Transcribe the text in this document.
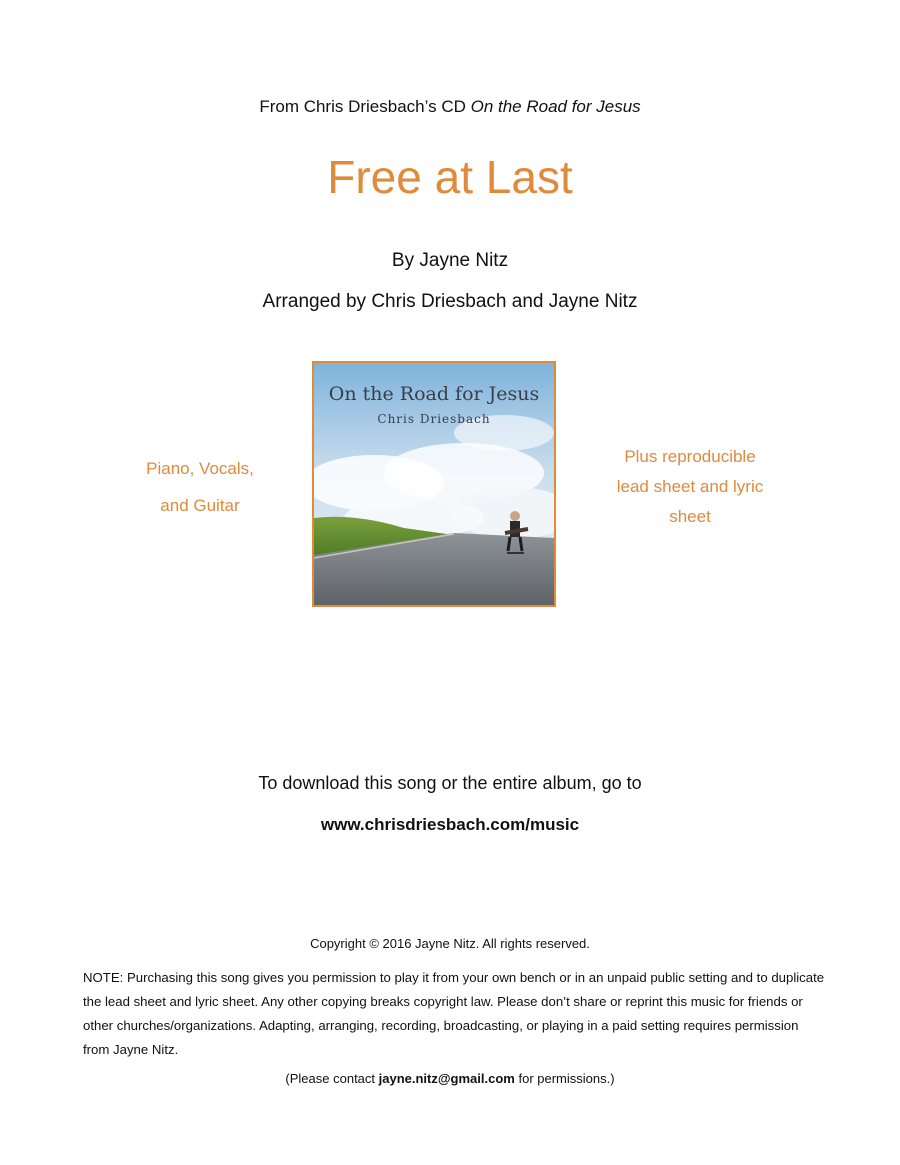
From Chris Driesbach’s CD On the Road for Jesus
Free at Last
By Jayne Nitz
Arranged by Chris Driesbach and Jayne Nitz
Piano, Vocals,
and Guitar
On the Road for Jesus
Chris Driesbach
Plus reproducible
lead sheet and lyric
sheet
To download this song or the entire album, go to
www.chrisdriesbach.com/music
Copyright © 2016 Jayne Nitz. All rights reserved.
NOTE: Purchasing this song gives you permission to play it from your own bench or in an unpaid public setting and to duplicate the lead sheet and lyric sheet. Any other copying breaks copyright law. Please don’t share or reprint this music for friends or other churches/organizations. Adapting, arranging, recording, broadcasting, or playing in a paid setting requires permission from Jayne Nitz.
(Please contact jayne.nitz@gmail.com for permissions.)
